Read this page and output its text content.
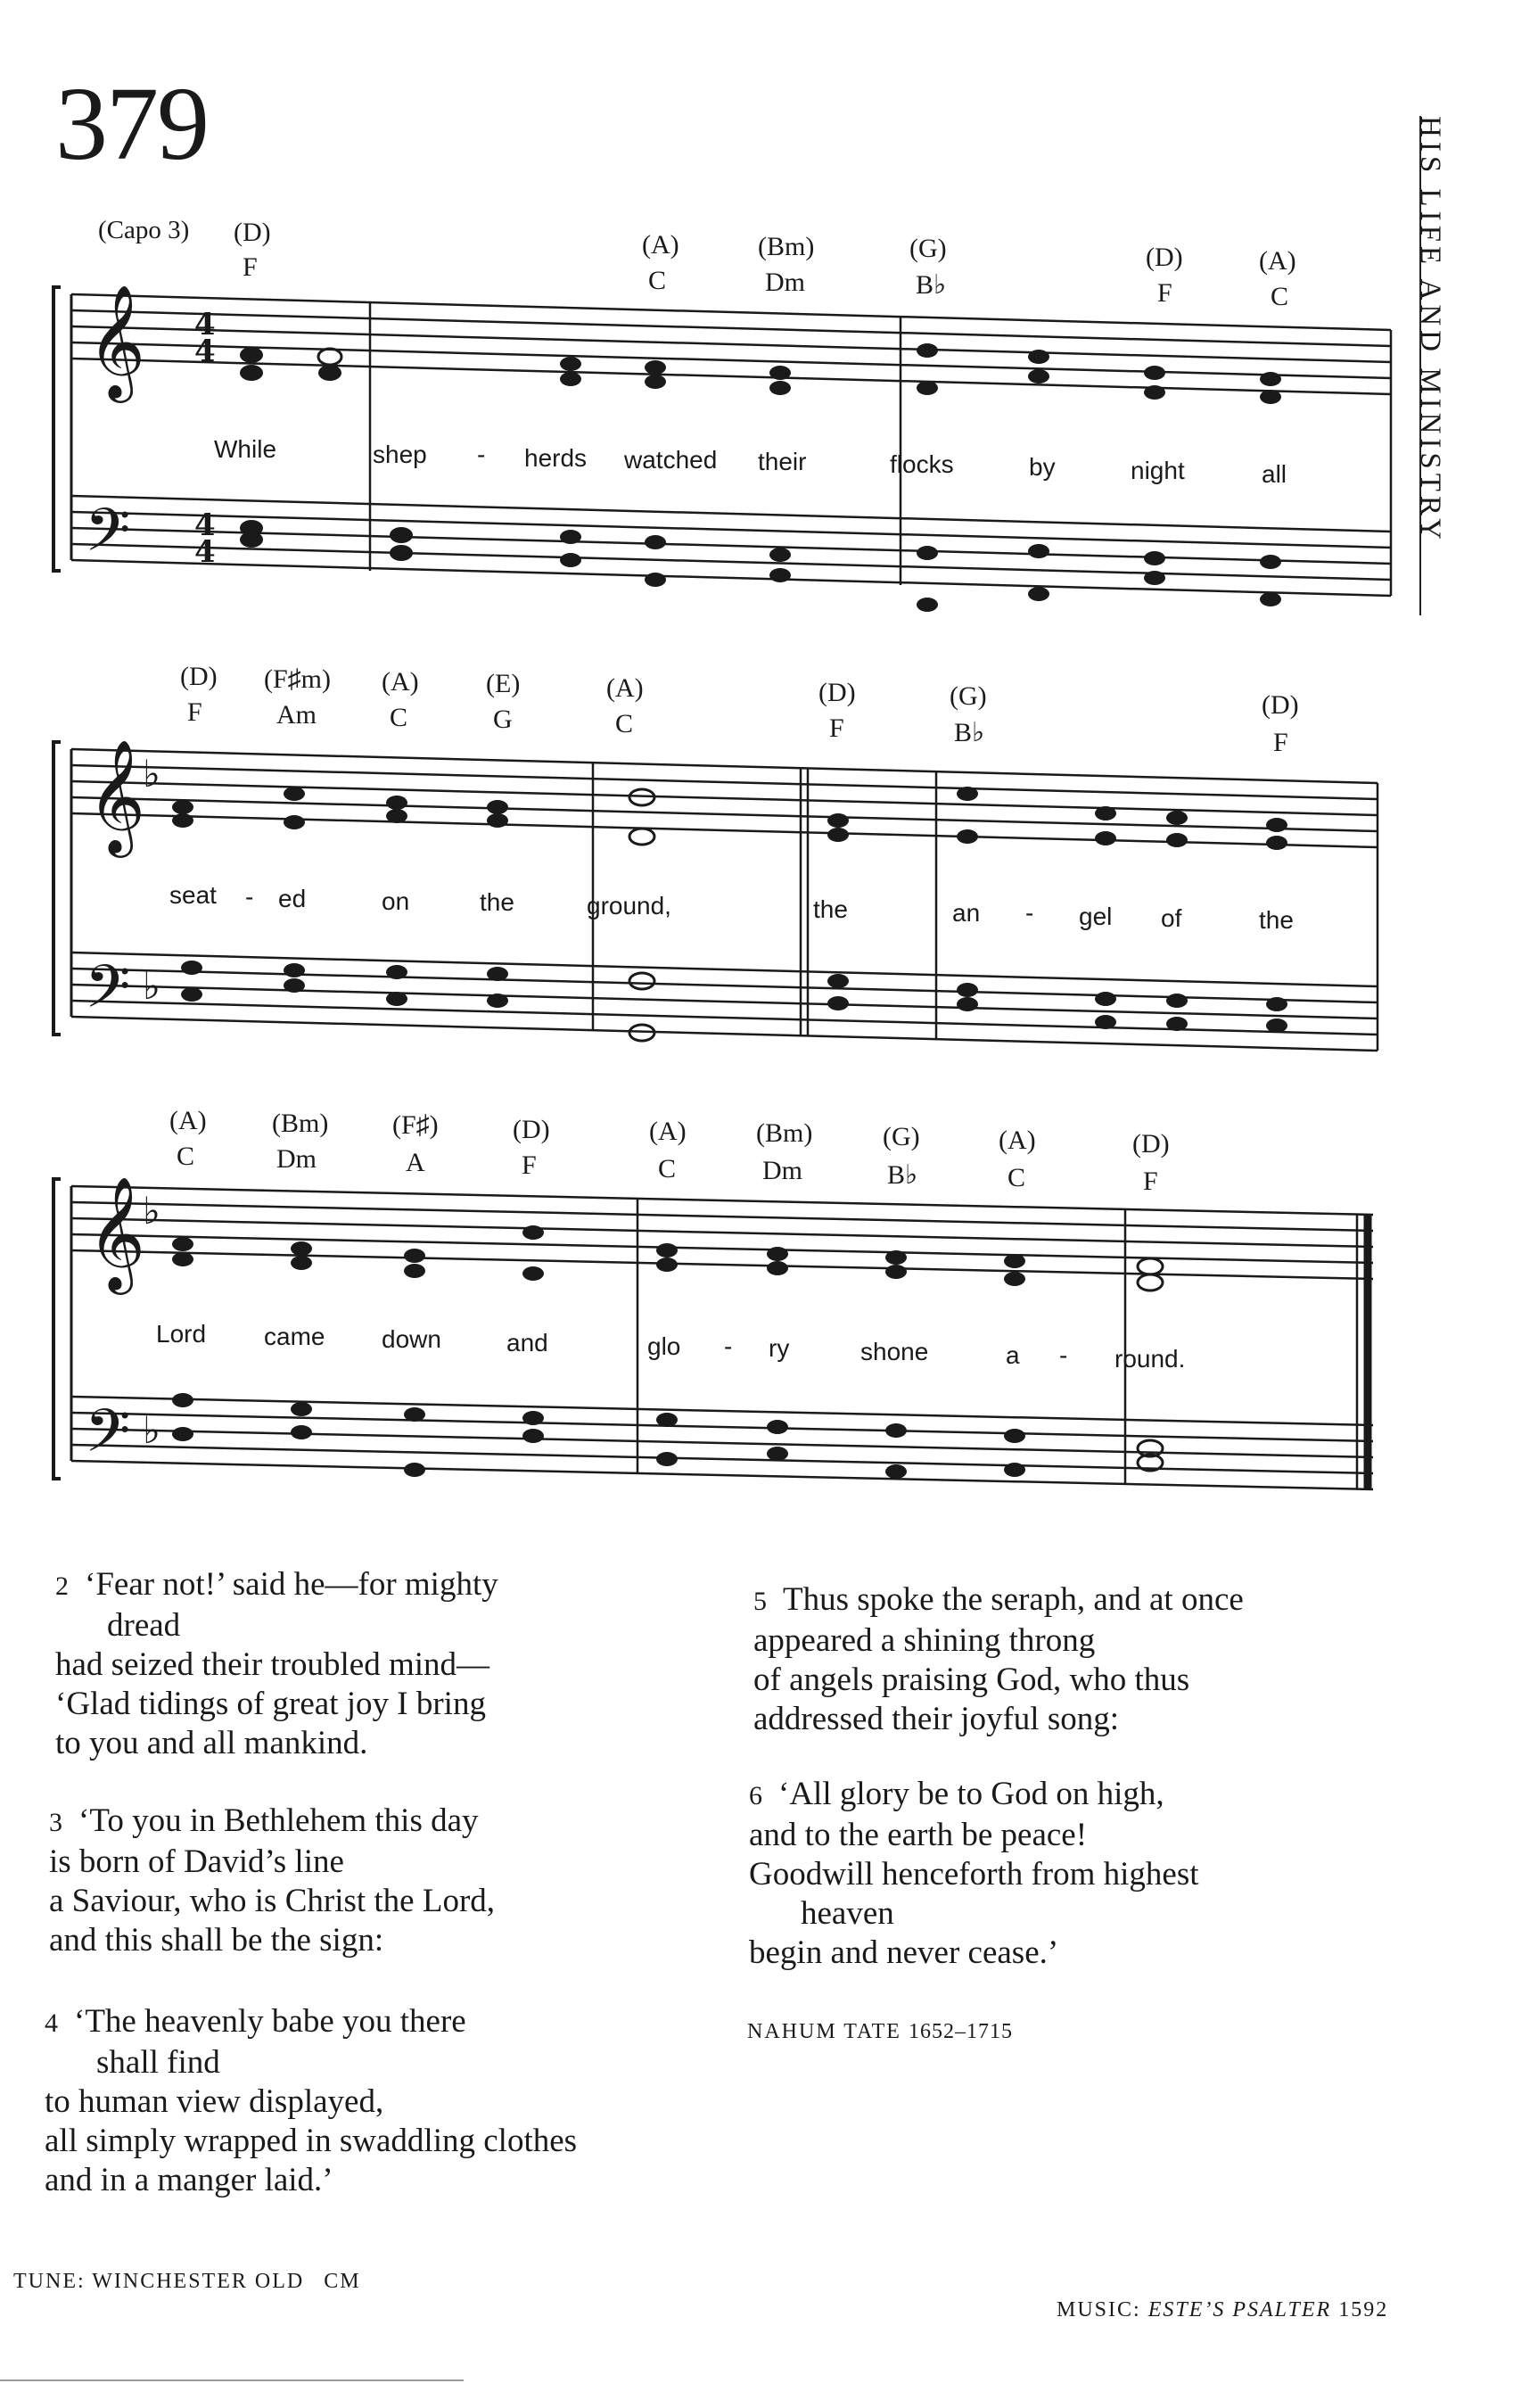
379	HIS LIFE AND MINISTRY
(Capo 3) (D)
F
(A)
C
(Bm)
Dm
(G)
B♭
(D)
F
(A)
C
𝄞
𝄢
4
4
4
4
While	shep - herds watched their	flocks	by	night	all
(D)
F
(F♯m)
Am
(A)
C
(E)
G
(A)
C
(D)
F
(G)
B♭
(D)
F
𝄞
𝄢
♭
♭
seat - ed	on	the	ground,	the	an - gel of	the
(A)
C
(Bm)
Dm
(F♯)
A
(D)
F
(A)
C
(Bm)
Dm
(G)
B♭
(A)
C
(D)
F
𝄞
𝄢
♭
♭
Lord came down	and	glo - ry	shone	a - round.
2 ‘Fear not!’ said he—for mighty
dread
had seized their troubled mind—
‘Glad tidings of great joy I bring
to you and all mankind.
3 ‘To you in Bethlehem this day
is born of David’s line
a Saviour, who is Christ the Lord,
and this shall be the sign:
4 ‘The heavenly babe you there
shall find
to human view displayed,
all simply wrapped in swaddling clothes
and in a manger laid.’
5 Thus spoke the seraph, and at once
appeared a shining throng
of angels praising God, who thus
addressed their joyful song:
6 ‘All glory be to God on high,
and to the earth be peace!
Goodwill henceforth from highest
heaven
begin and never cease.’
NAHUM TATE 1652–1715
TUNE: WINCHESTER OLD CM
MUSIC: ESTE’S PSALTER 1592
